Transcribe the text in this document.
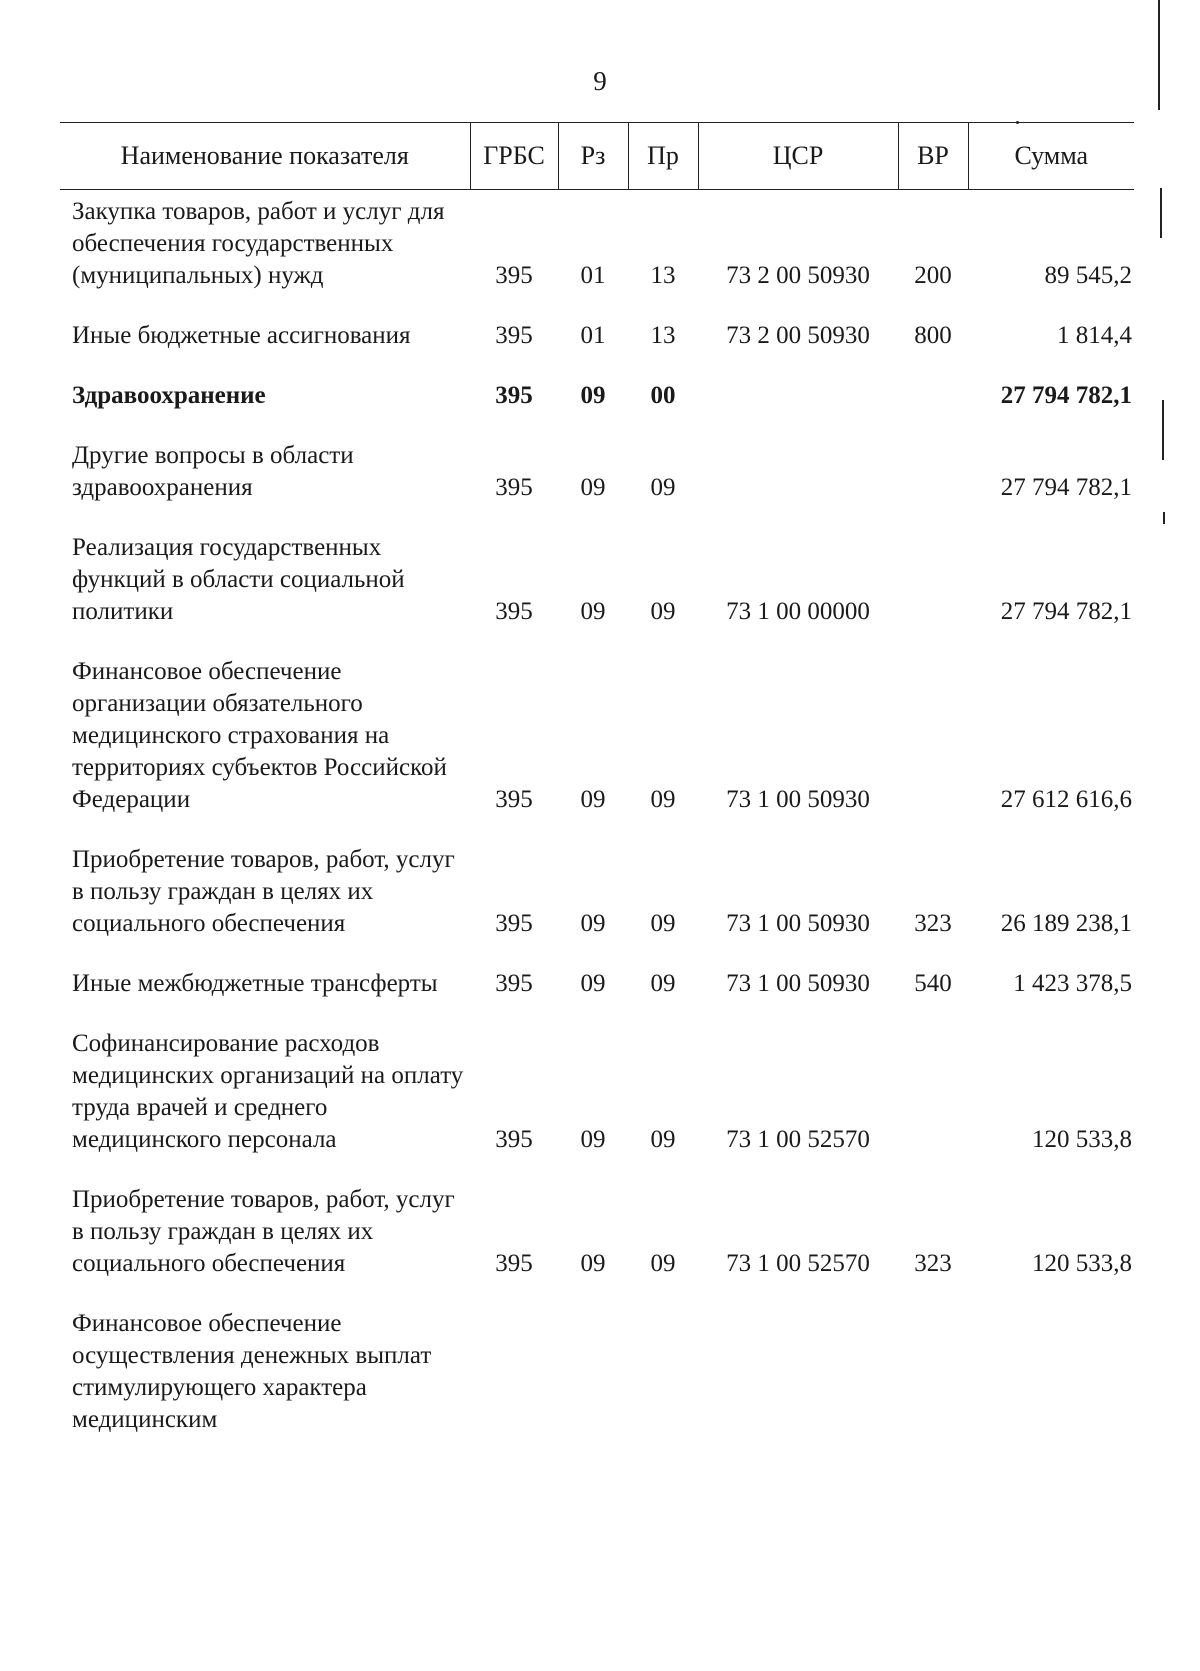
9
Наименование показателя	ГРБС	Рз	Пр	ЦСР	ВР	Сумма
Закупка товаров, работ и услуг для обеспечения государственных (муниципальных) нужд	395	01	13	73 2 00 50930	200	89 545,2

Иные бюджетные ассигнования	395	01	13	73 2 00 50930	800	1 814,4

Здравоохранение	395	09	00			27 794 782,1

Другие вопросы в области здравоохранения	395	09	09			27 794 782,1

Реализация государственных функций в области социальной политики	395	09	09	73 1 00 00000		27 794 782,1

Финансовое обеспечение организации обязательного медицинского страхования на территориях субъектов Российской Федерации	395	09	09	73 1 00 50930		27 612 616,6

Приобретение товаров, работ, услуг в пользу граждан в целях их социального обеспечения	395	09	09	73 1 00 50930	323	26 189 238,1

Иные межбюджетные трансферты	395	09	09	73 1 00 50930	540	1 423 378,5

Софинансирование расходов медицинских организаций на оплату труда врачей и среднего медицинского персонала	395	09	09	73 1 00 52570		120 533,8

Приобретение товаров, работ, услуг в пользу граждан в целях их социального обеспечения	395	09	09	73 1 00 52570	323	120 533,8

Финансовое обеспечение осуществления денежных выплат стимулирующего характера медицинским						
